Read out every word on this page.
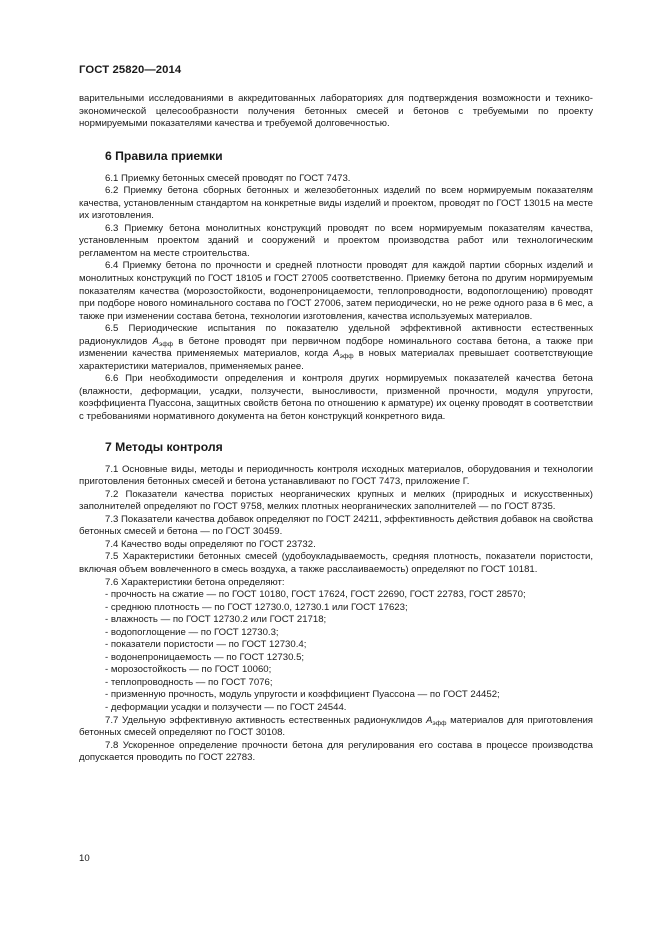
ГОСТ 25820—2014

варительными исследованиями в аккредитованных лабораториях для подтверждения возможности и технико-экономической целесообразности получения бетонных смесей и бетонов с требуемыми по проекту нормируемыми показателями качества и требуемой долговечностью.

6 Правила приемки

6.1 Приемку бетонных смесей проводят по ГОСТ 7473.

6.2 Приемку бетона сборных бетонных и железобетонных изделий по всем нормируемым показателям качества, установленным стандартом на конкретные виды изделий и проектом, проводят по ГОСТ 13015 на месте их изготовления.

6.3 Приемку бетона монолитных конструкций проводят по всем нормируемым показателям качества, установленным проектом зданий и сооружений и проектом производства работ или технологическим регламентом на месте строительства.

6.4 Приемку бетона по прочности и средней плотности проводят для каждой партии сборных изделий и монолитных конструкций по ГОСТ 18105 и ГОСТ 27005 соответственно. Приемку бетона по другим нормируемым показателям качества (морозостойкости, водонепроницаемости, теплопроводности, водопоглощению) проводят при подборе нового номинального состава по ГОСТ 27006, затем периодически, но не реже одного раза в 6 мес, а также при изменении состава бетона, технологии изготовления, качества используемых материалов.

6.5 Периодические испытания по показателю удельной эффективной активности естественных радионуклидов $А_{эфф}$ в бетоне проводят при первичном подборе номинального состава бетона, а также при изменении качества применяемых материалов, когда $А_{эфф}$ в новых материалах превышает соответствующие характеристики материалов, применяемых ранее.

6.6 При необходимости определения и контроля других нормируемых показателей качества бетона (влажности, деформации, усадки, ползучести, выносливости, призменной прочности, модуля упругости, коэффициента Пуассона, защитных свойств бетона по отношению к арматуре) их оценку проводят в соответствии с требованиями нормативного документа на бетон конструкций конкретного вида.

7 Методы контроля

7.1 Основные виды, методы и периодичность контроля исходных материалов, оборудования и технологии приготовления бетонных смесей и бетона устанавливают по ГОСТ 7473, приложение Г.

7.2 Показатели качества пористых неорганических крупных и мелких (природных и искусственных) заполнителей определяют по ГОСТ 9758, мелких плотных неорганических заполнителей — по ГОСТ 8735.

7.3 Показатели качества добавок определяют по ГОСТ 24211, эффективность действия добавок на свойства бетонных смесей и бетона — по ГОСТ 30459.

7.4 Качество воды определяют по ГОСТ 23732.

7.5 Характеристики бетонных смесей (удобоукладываемость, средняя плотность, показатели пористости, включая объем вовлеченного в смесь воздуха, а также расслаиваемость) определяют по ГОСТ 10181.

7.6 Характеристики бетона определяют:

- прочность на сжатие — по ГОСТ 10180, ГОСТ 17624, ГОСТ 22690, ГОСТ 22783, ГОСТ 28570;
- среднюю плотность — по ГОСТ 12730.0, 12730.1 или ГОСТ 17623;
- влажность — по ГОСТ 12730.2 или ГОСТ 21718;
- водопоглощение — по ГОСТ 12730.3;
- показатели пористости — по ГОСТ 12730.4;
- водонепроницаемость — по ГОСТ 12730.5;
- морозостойкость — по ГОСТ 10060;
- теплопроводность — по ГОСТ 7076;
- призменную прочность, модуль упругости и коэффициент Пуассона — по ГОСТ 24452;
- деформации усадки и ползучести — по ГОСТ 24544.

7.7 Удельную эффективную активность естественных радионуклидов $А_{эфф}$ материалов для приготовления бетонных смесей определяют по ГОСТ 30108.

7.8 Ускоренное определение прочности бетона для регулирования его состава в процессе производства допускается проводить по ГОСТ 22783.

10
